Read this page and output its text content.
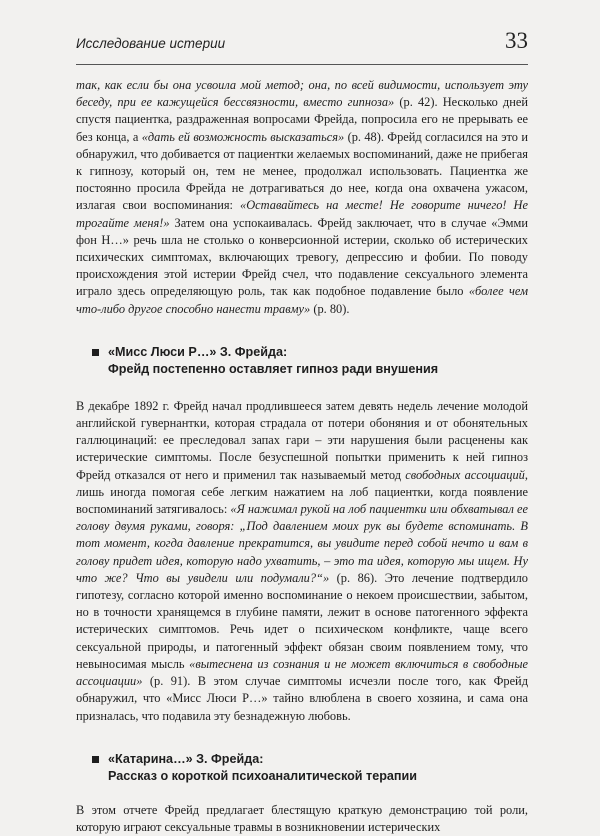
Исследование истерии	33

так, как если бы она усвоила мой метод; она, по всей видимости, использует эту беседу, при ее кажущейся бессвязности, вместо гипноза» (p. 42). Несколько дней спустя пациентка, раздраженная вопросами Фрейда, попросила его не прерывать ее без конца, а «дать ей возможность высказаться» (p. 48). Фрейд согласился на это и обнаружил, что добивается от пациентки желаемых воспоминаний, даже не прибегая к гипнозу, который он, тем не менее, продолжал использовать. Пациентка же постоянно просила Фрейда не дотрагиваться до нее, когда она охвачена ужасом, излагая свои воспоминания: «Оставайтесь на месте! Не говорите ничего! Не трогайте меня!» Затем она успокаивалась. Фрейд заключает, что в случае «Эмми фон Н…» речь шла не столько о конверсионной истерии, сколько об истерических психических симптомах, включающих тревогу, депрессию и фобии. По поводу происхождения этой истерии Фрейд счел, что подавление сексуального элемента играло здесь определяющую роль, так как подобное подавление было «более чем что-либо другое способно нанести травму» (p. 80).

«Мисс Люси Р…» З. Фрейда:
Фрейд постепенно оставляет гипноз ради внушения

В декабре 1892 г. Фрейд начал продлившееся затем девять недель лечение молодой английской гувернантки, которая страдала от потери обоняния и от обонятельных галлюцинаций: ее преследовал запах гари – эти нарушения были расценены как истерические симптомы. После безуспешной попытки применить к ней гипноз Фрейд отказался от него и применил так называемый метод свободных ассоциаций, лишь иногда помогая себе легким нажатием на лоб пациентки, когда появление воспоминаний затягивалось: «Я нажимал рукой на лоб пациентки или обхватывал ее голову двумя руками, говоря: „Под давлением моих рук вы будете вспоминать. В тот момент, когда давление прекратится, вы увидите перед собой нечто и вам в голову придет идея, которую надо ухватить, – это та идея, которую мы ищем. Ну что же? Что вы увидели или подумали?“» (p. 86). Это лечение подтвердило гипотезу, согласно которой именно воспоминание о некоем происшествии, забытом, но в точности хранящемся в глубине памяти, лежит в основе патогенного эффекта истерических симптомов. Речь идет о психическом конфликте, чаще всего сексуальной природы, и патогенный эффект обязан своим появлением тому, что невыносимая мысль «вытеснена из сознания и не может включиться в свободные ассоциации» (p. 91). В этом случае симптомы исчезли после того, как Фрейд обнаружил, что «Мисс Люси Р…» тайно влюблена в своего хозяина, и сама она призналась, что подавила эту безнадежную любовь.

«Катарина…» З. Фрейда:
Рассказ о короткой психоаналитической терапии

В этом отчете Фрейд предлагает блестящую краткую демонстрацию той роли, которую играют сексуальные травмы в возникновении истерических
